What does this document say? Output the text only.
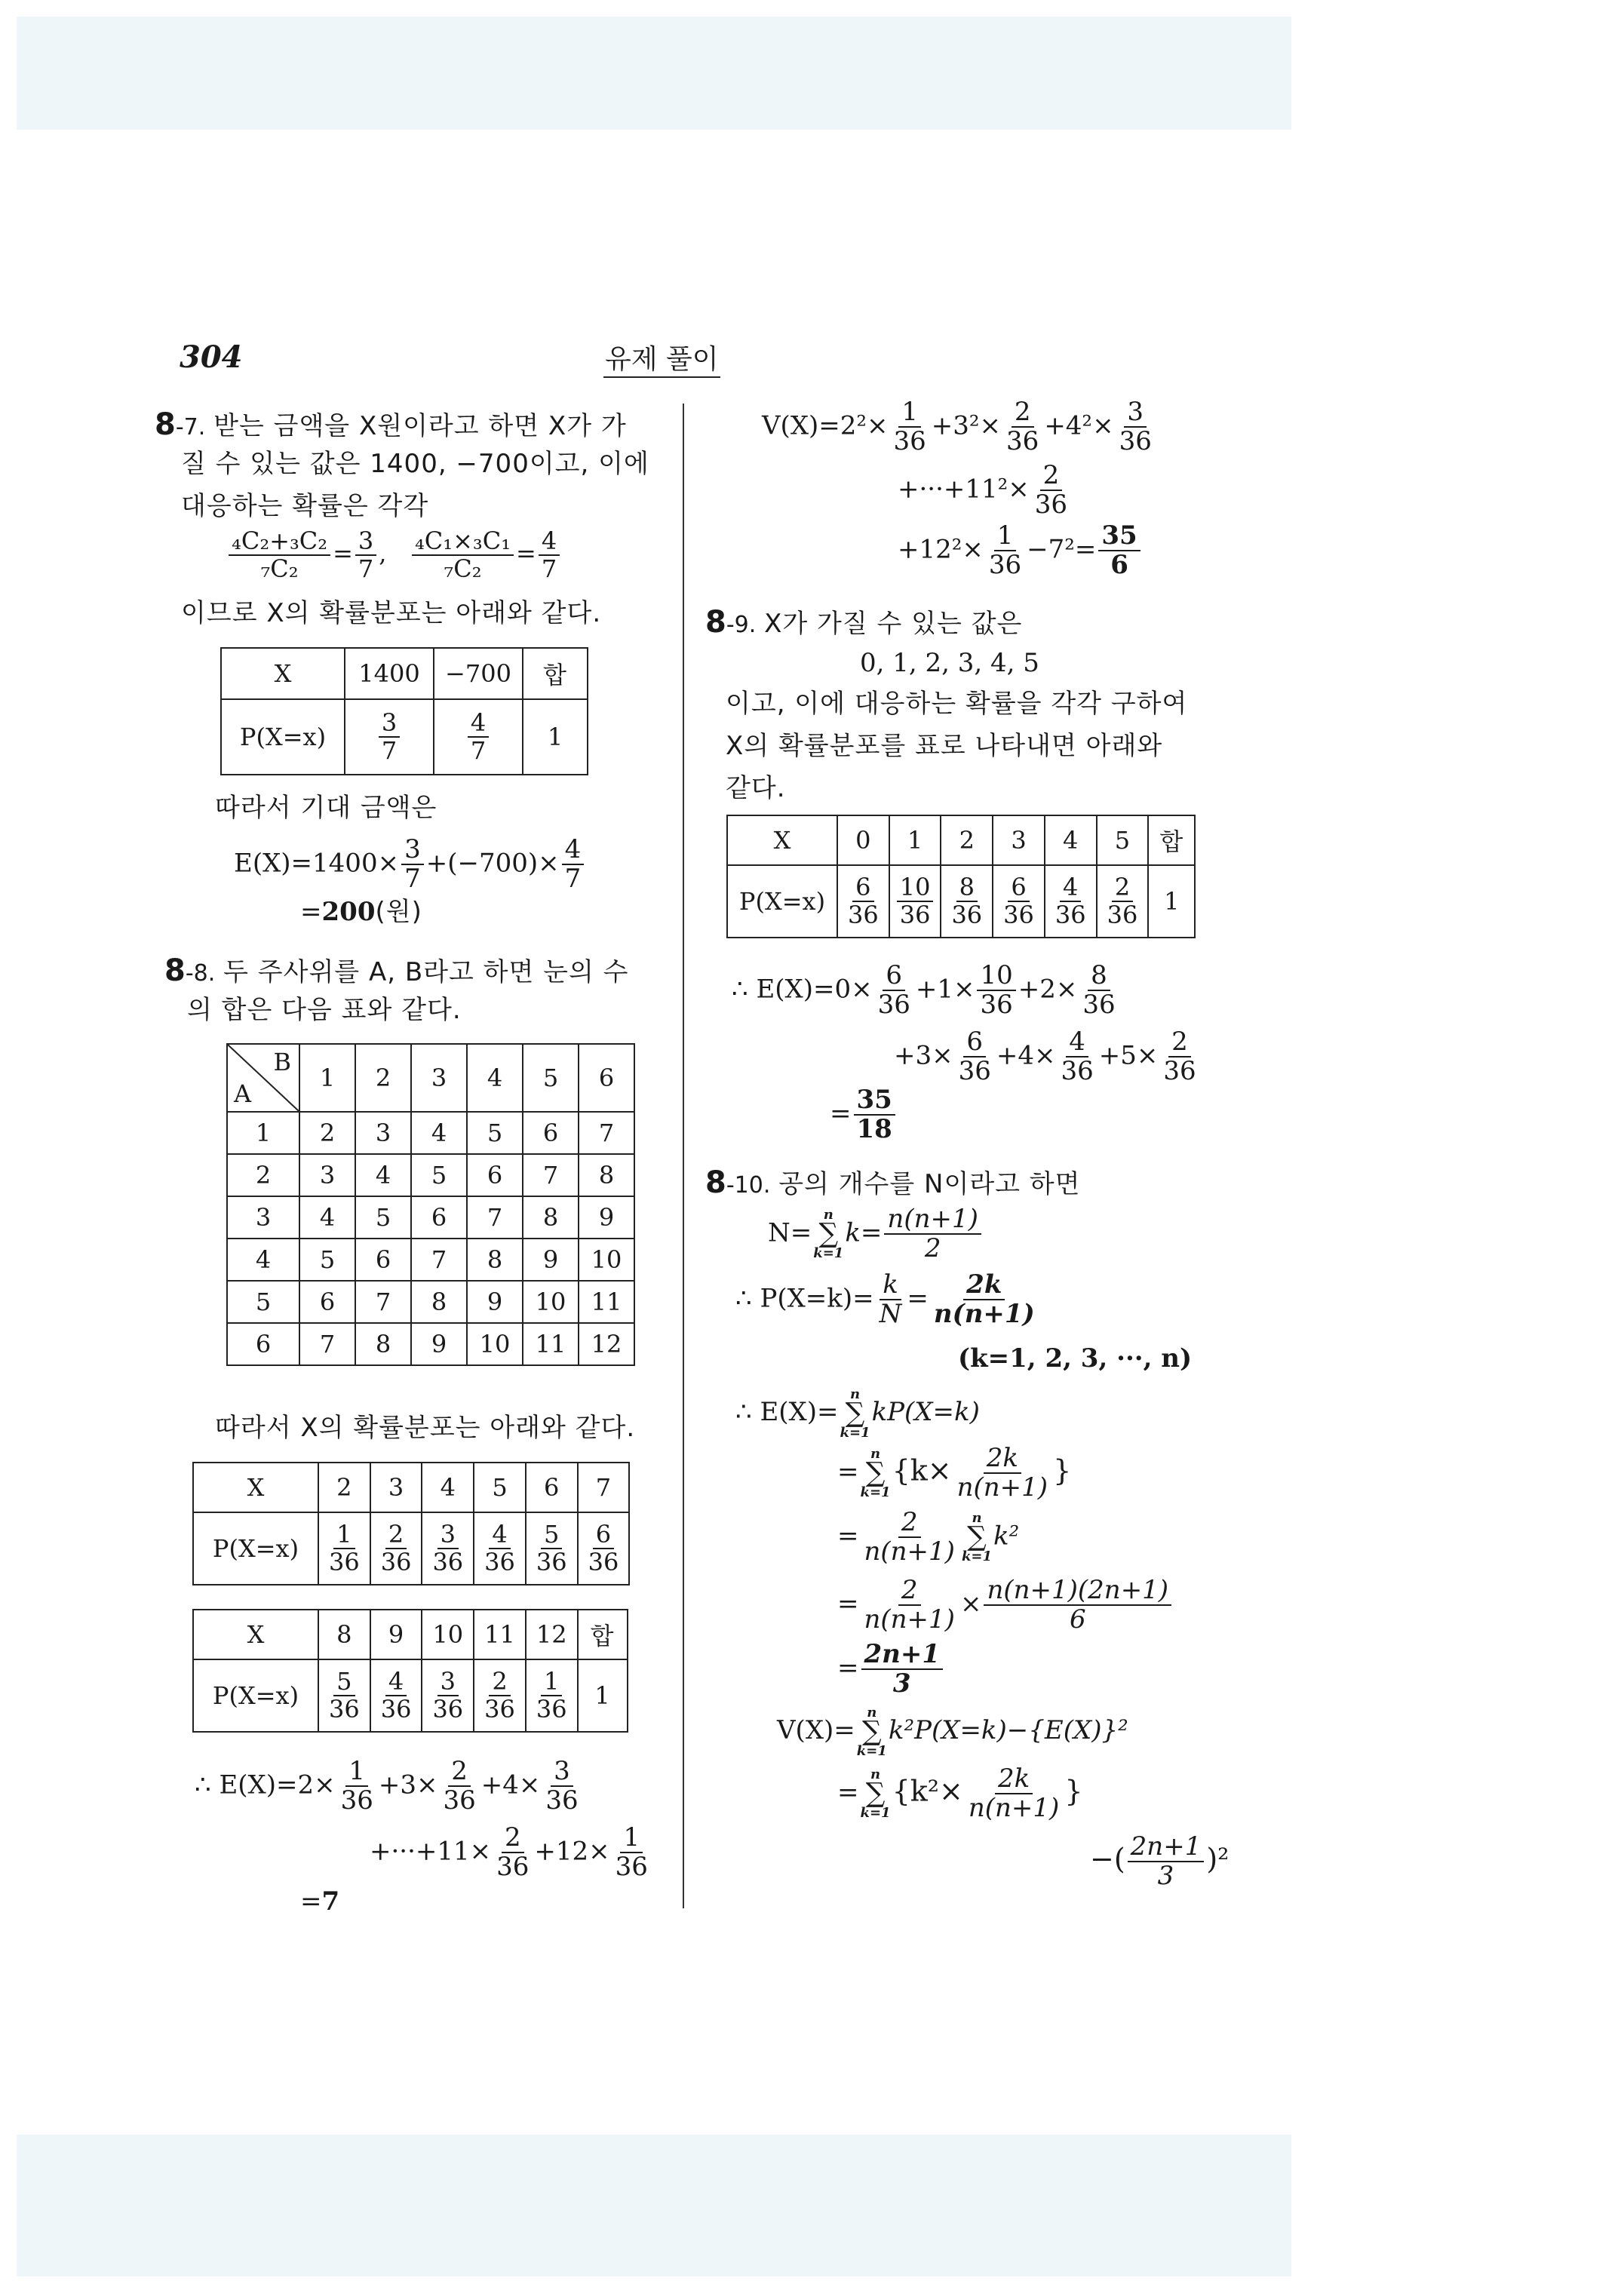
304	유제 풀이
8-7. 받는 금액을 X원이라고 하면 X가 가
질 수 있는 값은 1400, −700이고, 이에
대응하는 확률은 각각
$\frac{\text{₄C₂+₃C₂}}{\text{₇C₂}} = \frac{3}{7}$ , $\frac{\text{₄C₁×₃C₁}}{\text{₇C₂}} = \frac{4}{7}$
이므로 X의 확률분포는 아래와 같다.
X	1400	−700	합
P(X=x)	$\frac{3}{7}$	$\frac{4}{7}$	1
따라서 기대 금액은
$E(X)=1400\times \frac{3}{7} +(-700)\times \frac{4}{7}$
=200(원)
8-8. 두 주사위를 A, B라고 하면 눈의 수
의 합은 다음 표와 같다.
B
A	1	2	3	4	5	6
1	2	3	4	5	6	7
2	3	4	5	6	7	8
3	4	5	6	7	8	9
4	5	6	7	8	9	10
5	6	7	8	9	10	11
6	7	8	9	10	11	12
따라서 X의 확률분포는 아래와 같다.
X	2	3	4	5	6	7
P(X=x)	$\frac{1}{36}$	$\frac{2}{36}$	$\frac{3}{36}$	$\frac{4}{36}$	$\frac{5}{36}$	$\frac{6}{36}$
X	8	9	10	11	12	합
P(X=x)	$\frac{5}{36}$	$\frac{4}{36}$	$\frac{3}{36}$	$\frac{2}{36}$	$\frac{1}{36}$	1
∴ $E(X)=2\times \frac{1}{36} +3\times \frac{2}{36} +4\times \frac{3}{36}$
$+\cdot\cdot\cdot+11\times \frac{2}{36} +12\times \frac{1}{36}$
=7
$V(X)=2^2\times \frac{1}{36} +3^2\times \frac{2}{36} +4^2\times \frac{3}{36}$
$+\cdot\cdot\cdot+11^2\times \frac{2}{36}$
$+12^2\times \frac{1}{36} -7^2= \frac{35}{6}$
8-9. X가 가질 수 있는 값은
0, 1, 2, 3, 4, 5
이고, 이에 대응하는 확률을 각각 구하여
X의 확률분포를 표로 나타내면 아래와
같다.
X	0	1	2	3	4	5	합
P(X=x)	$\frac{6}{36}$	$\frac{10}{36}$	$\frac{8}{36}$	$\frac{6}{36}$	$\frac{4}{36}$	$\frac{2}{36}$	1
∴ $E(X)=0\times \frac{6}{36} +1\times \frac{10}{36} +2\times \frac{8}{36}$
$+3\times \frac{6}{36} +4\times \frac{4}{36} +5\times \frac{2}{36}$
= $\frac{35}{18}$
8-10. 공의 개수를 N이라고 하면
N=
n
∑
k=1
$k= \frac{n(n+1)}{2}$
∴ $P(X=k)= \frac{k}{N} = \frac{2k}{n(n+1)}$
(k=1, 2, 3, ···, n)
∴ E(X)=
n
∑
k=1
kP(X=k)
=
n
∑
k=1
{$k\times \frac{2k}{n(n+1)}$ }
= $\frac{2}{n(n+1)}$ n
∑
k=1
k²
= $\frac{2}{n(n+1)} \times \frac{n(n+1)(2n+1)}{6}$
= $\frac{2n+1}{3}$
V(X)=
n
∑
k=1
k²P(X=k)−{E(X)}²
=
n
∑
k=1
{$k^2\times \frac{2k}{n(n+1)}$ }
−( $\frac{2n+1}{3} )^2$
